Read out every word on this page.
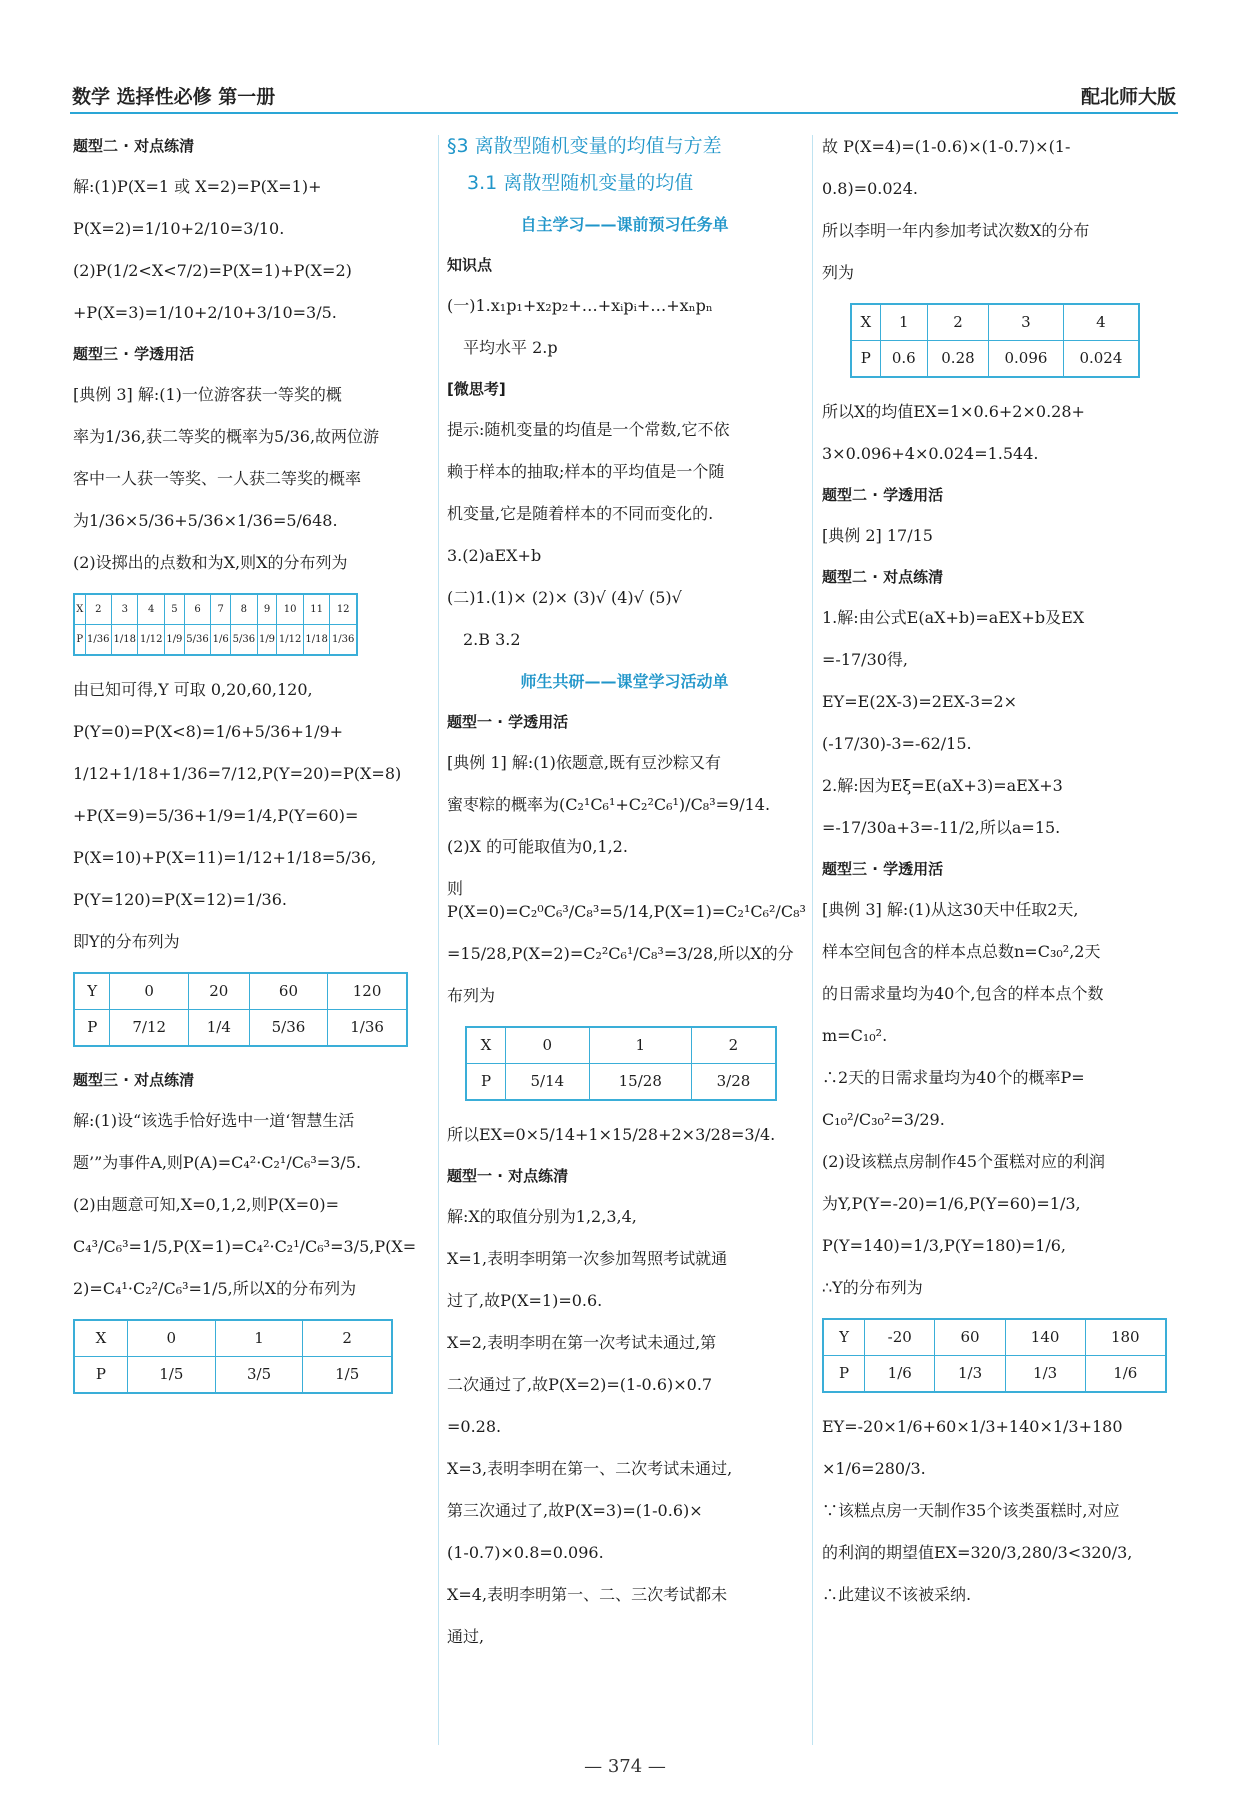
数学 选择性必修 第一册	配北师大版
题型二 · 对点练清
解:(1)P(X=1 或 X=2)=P(X=1)+
P(X=2)=1/10+2/10=3/10.
(2)P(1/2<X<7/2)=P(X=1)+P(X=2)
+P(X=3)=1/10+2/10+3/10=3/5.
题型三 · 学透用活
[典例 3] 解:(1)一位游客获一等奖的概
率为1/36,获二等奖的概率为5/36,故两位游
客中一人获一等奖、一人获二等奖的概率
为1/36×5/36+5/36×1/36=5/648.
(2)设掷出的点数和为X,则X的分布列为
X	2	3	4	5	6	7	8	9	10	11	12
P	1/36	1/18	1/12	1/9	5/36	1/6	5/36	1/9	1/12	1/18	1/36
由已知可得,Y 可取 0,20,60,120,
P(Y=0)=P(X<8)=1/6+5/36+1/9+
1/12+1/18+1/36=7/12,P(Y=20)=P(X=8)
+P(X=9)=5/36+1/9=1/4,P(Y=60)=
P(X=10)+P(X=11)=1/12+1/18=5/36,
P(Y=120)=P(X=12)=1/36.
即Y的分布列为
Y	0	20	60	120
P	7/12	1/4	5/36	1/36
题型三 · 对点练清
解:(1)设“该选手恰好选中一道‘智慧生活
题’”为事件A,则P(A)=C₄²·C₂¹/C₆³=3/5.
(2)由题意可知,X=0,1,2,则P(X=0)=
C₄³/C₆³=1/5,P(X=1)=C₄²·C₂¹/C₆³=3/5,P(X=
2)=C₄¹·C₂²/C₆³=1/5,所以X的分布列为
X	0	1	2
P	1/5	3/5	1/5
§3 离散型随机变量的均值与方差
3.1 离散型随机变量的均值
自主学习——课前预习任务单
知识点
(一)1.x₁p₁+x₂p₂+…+xᵢpᵢ+…+xₙpₙ
平均水平 2.p
[微思考]
提示:随机变量的均值是一个常数,它不依
赖于样本的抽取;样本的平均值是一个随
机变量,它是随着样本的不同而变化的.
3.(2)aEX+b
(二)1.(1)× (2)× (3)√ (4)√ (5)√
2.B 3.2
师生共研——课堂学习活动单
题型一 · 学透用活
[典例 1] 解:(1)依题意,既有豆沙粽又有
蜜枣粽的概率为(C₂¹C₆¹+C₂²C₆¹)/C₈³=9/14.
(2)X 的可能取值为0,1,2.
则P(X=0)=C₂⁰C₆³/C₈³=5/14,P(X=1)=C₂¹C₆²/C₈³
=15/28,P(X=2)=C₂²C₆¹/C₈³=3/28,所以X的分
布列为
X	0	1	2
P	5/14	15/28	3/28
所以EX=0×5/14+1×15/28+2×3/28=3/4.
题型一 · 对点练清
解:X的取值分别为1,2,3,4,
X=1,表明李明第一次参加驾照考试就通
过了,故P(X=1)=0.6.
X=2,表明李明在第一次考试未通过,第
二次通过了,故P(X=2)=(1-0.6)×0.7
=0.28.
X=3,表明李明在第一、二次考试未通过,
第三次通过了,故P(X=3)=(1-0.6)×
(1-0.7)×0.8=0.096.
X=4,表明李明第一、二、三次考试都未
通过,
故 P(X=4)=(1-0.6)×(1-0.7)×(1-
0.8)=0.024.
所以李明一年内参加考试次数X的分布
列为
X	1	2	3	4
P	0.6	0.28	0.096	0.024
所以X的均值EX=1×0.6+2×0.28+
3×0.096+4×0.024=1.544.
题型二 · 学透用活
[典例 2] 17/15
题型二 · 对点练清
1.解:由公式E(aX+b)=aEX+b及EX
=-17/30得,
EY=E(2X-3)=2EX-3=2×
(-17/30)-3=-62/15.
2.解:因为Eξ=E(aX+3)=aEX+3
=-17/30a+3=-11/2,所以a=15.
题型三 · 学透用活
[典例 3] 解:(1)从这30天中任取2天,
样本空间包含的样本点总数n=C₃₀²,2天
的日需求量均为40个,包含的样本点个数
m=C₁₀².
∴2天的日需求量均为40个的概率P=
C₁₀²/C₃₀²=3/29.
(2)设该糕点房制作45个蛋糕对应的利润
为Y,P(Y=-20)=1/6,P(Y=60)=1/3,
P(Y=140)=1/3,P(Y=180)=1/6,
∴Y的分布列为
Y	-20	60	140	180
P	1/6	1/3	1/3	1/6
EY=-20×1/6+60×1/3+140×1/3+180
×1/6=280/3.
∵该糕点房一天制作35个该类蛋糕时,对应
的利润的期望值EX=320/3,280/3<320/3,
∴此建议不该被采纳.
— 374 —
